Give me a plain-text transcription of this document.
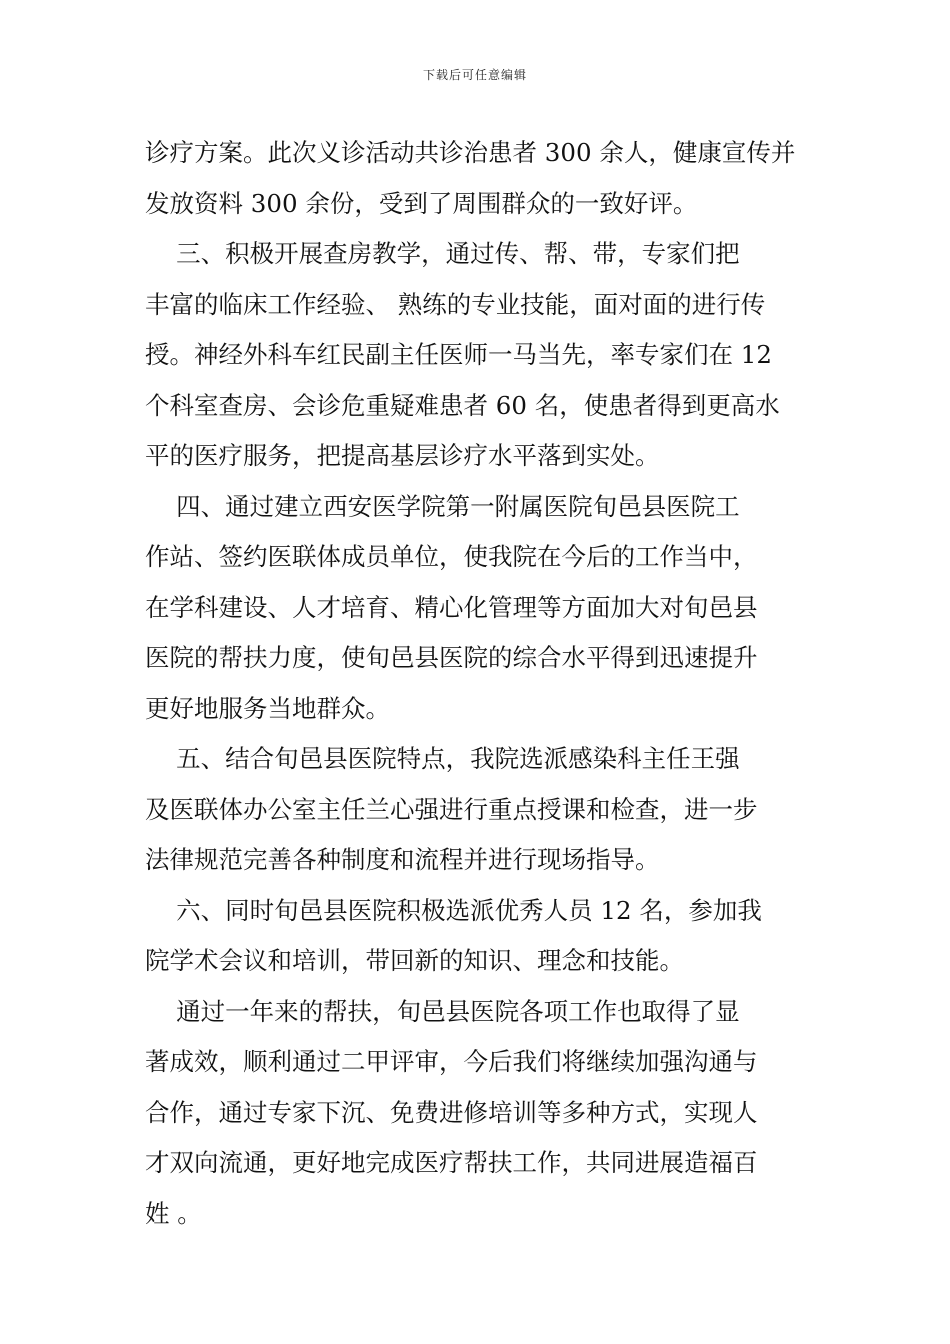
下载后可任意编辑
诊疗方案。此次义诊活动共诊治患者 300 余人，健康宣传并
发放资料 300 余份，受到了周围群众的一致好评。
三、积极开展查房教学，通过传、帮、带，专家们把
丰富的临床工作经验、 熟练的专业技能，面对面的进行传
授。神经外科车红民副主任医师一马当先，率专家们在 12
个科室查房、会诊危重疑难患者 60 名，使患者得到更高水
平的医疗服务，把提高基层诊疗水平落到实处。
四、通过建立西安医学院第一附属医院旬邑县医院工
作站、签约医联体成员单位，使我院在今后的工作当中，
在学科建设、人才培育、精心化管理等方面加大对旬邑县
医院的帮扶力度，使旬邑县医院的综合水平得到迅速提升
更好地服务当地群众。
五、结合旬邑县医院特点，我院选派感染科主任王强
及医联体办公室主任兰心强进行重点授课和检查，进一步
法律规范完善各种制度和流程并进行现场指导。
六、同时旬邑县医院积极选派优秀人员 12 名，参加我
院学术会议和培训，带回新的知识、理念和技能。
通过一年来的帮扶，旬邑县医院各项工作也取得了显
著成效，顺利通过二甲评审，今后我们将继续加强沟通与
合作，通过专家下沉、免费进修培训等多种方式，实现人
才双向流通，更好地完成医疗帮扶工作，共同进展造福百
姓 。
